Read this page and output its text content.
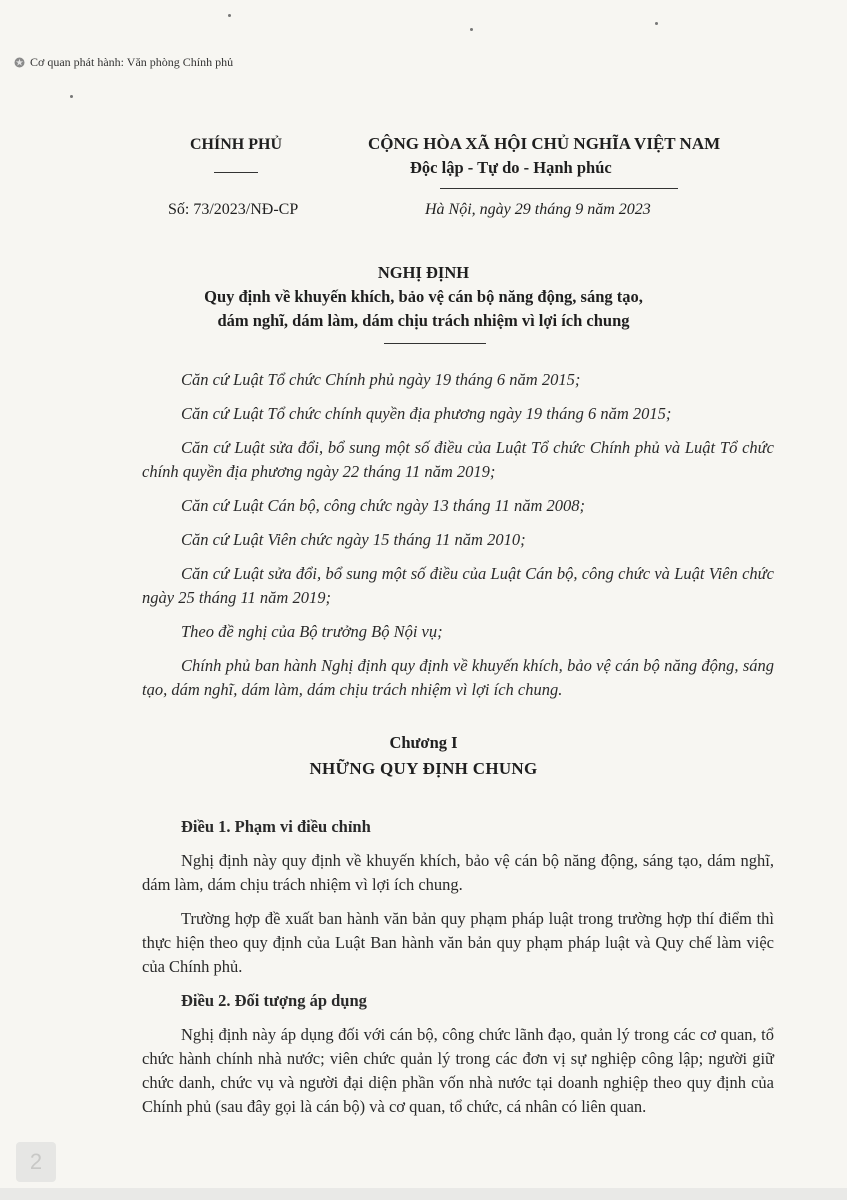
Cơ quan phát hành: Văn phòng Chính phủ
CHÍNH PHỦ	CỘNG HÒA XÃ HỘI CHỦ NGHĨA VIỆT NAM
Độc lập - Tự do - Hạnh phúc
Số: 73/2023/NĐ-CP	Hà Nội, ngày 29 tháng 9 năm 2023
NGHỊ ĐỊNH
Quy định về khuyến khích, bảo vệ cán bộ năng động, sáng tạo,
dám nghĩ, dám làm, dám chịu trách nhiệm vì lợi ích chung

Căn cứ Luật Tổ chức Chính phủ ngày 19 tháng 6 năm 2015;

Căn cứ Luật Tổ chức chính quyền địa phương ngày 19 tháng 6 năm 2015;

Căn cứ Luật sửa đổi, bổ sung một số điều của Luật Tổ chức Chính phủ và Luật Tổ chức chính quyền địa phương ngày 22 tháng 11 năm 2019;

Căn cứ Luật Cán bộ, công chức ngày 13 tháng 11 năm 2008;

Căn cứ Luật Viên chức ngày 15 tháng 11 năm 2010;

Căn cứ Luật sửa đổi, bổ sung một số điều của Luật Cán bộ, công chức và Luật Viên chức ngày 25 tháng 11 năm 2019;

Theo đề nghị của Bộ trưởng Bộ Nội vụ;

Chính phủ ban hành Nghị định quy định về khuyến khích, bảo vệ cán bộ năng động, sáng tạo, dám nghĩ, dám làm, dám chịu trách nhiệm vì lợi ích chung.

Chương I
NHỮNG QUY ĐỊNH CHUNG
Điều 1. Phạm vi điều chỉnh

Nghị định này quy định về khuyến khích, bảo vệ cán bộ năng động, sáng tạo, dám nghĩ, dám làm, dám chịu trách nhiệm vì lợi ích chung.

Trường hợp đề xuất ban hành văn bản quy phạm pháp luật trong trường hợp thí điểm thì thực hiện theo quy định của Luật Ban hành văn bản quy phạm pháp luật và Quy chế làm việc của Chính phủ.

Điều 2. Đối tượng áp dụng

Nghị định này áp dụng đối với cán bộ, công chức lãnh đạo, quản lý trong các cơ quan, tổ chức hành chính nhà nước; viên chức quản lý trong các đơn vị sự nghiệp công lập; người giữ chức danh, chức vụ và người đại diện phần vốn nhà nước tại doanh nghiệp theo quy định của Chính phủ (sau đây gọi là cán bộ) và cơ quan, tổ chức, cá nhân có liên quan.

2
